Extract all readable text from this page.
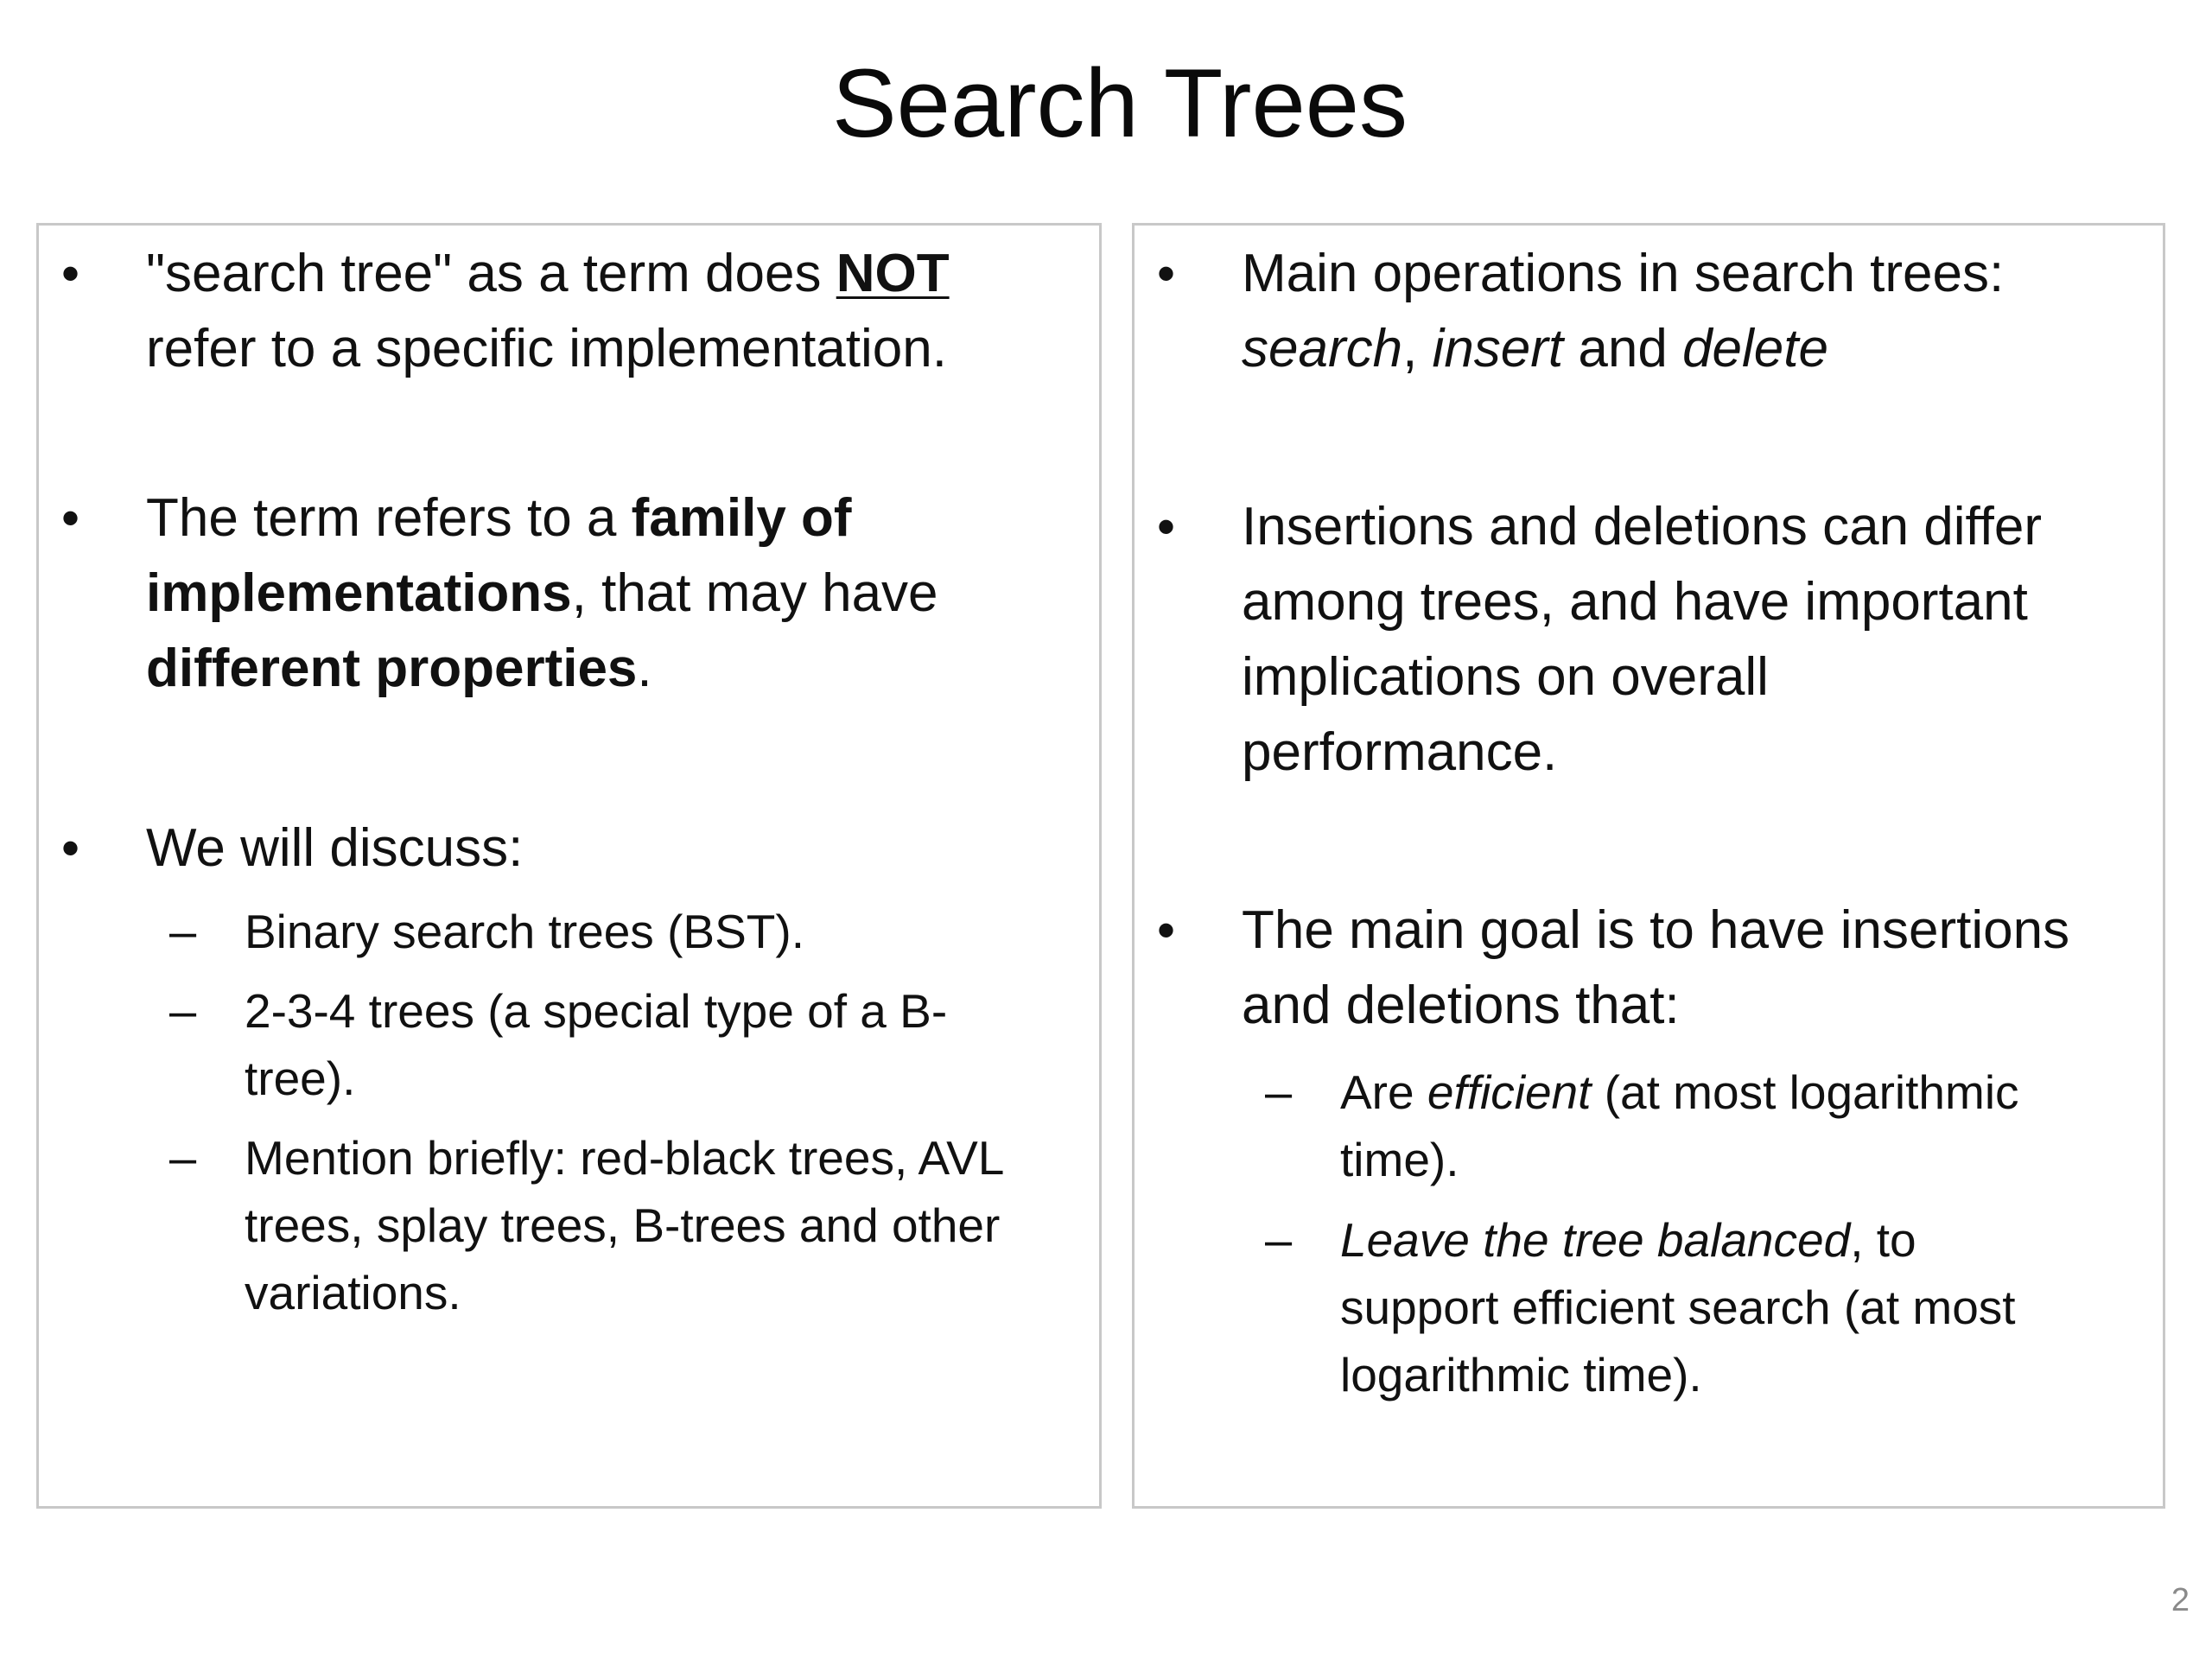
Search Trees
• "search tree" as a term does NOT
refer to a specific implementation.
• The term refers to a family of
implementations, that may have
different properties.
• We will discuss:
– Binary search trees (BST).
– 2-3-4 trees (a special type of a B-
tree).
– Mention briefly: red-black trees, AVL
trees, splay trees, B-trees and other
variations.
• Main operations in search trees:
search, insert and delete
• Insertions and deletions can differ
among trees, and have important
implications on overall
performance.
• The main goal is to have insertions
and deletions that:
– Are efficient (at most logarithmic
time).
– Leave the tree balanced, to
support efficient search (at most
logarithmic time).
2
